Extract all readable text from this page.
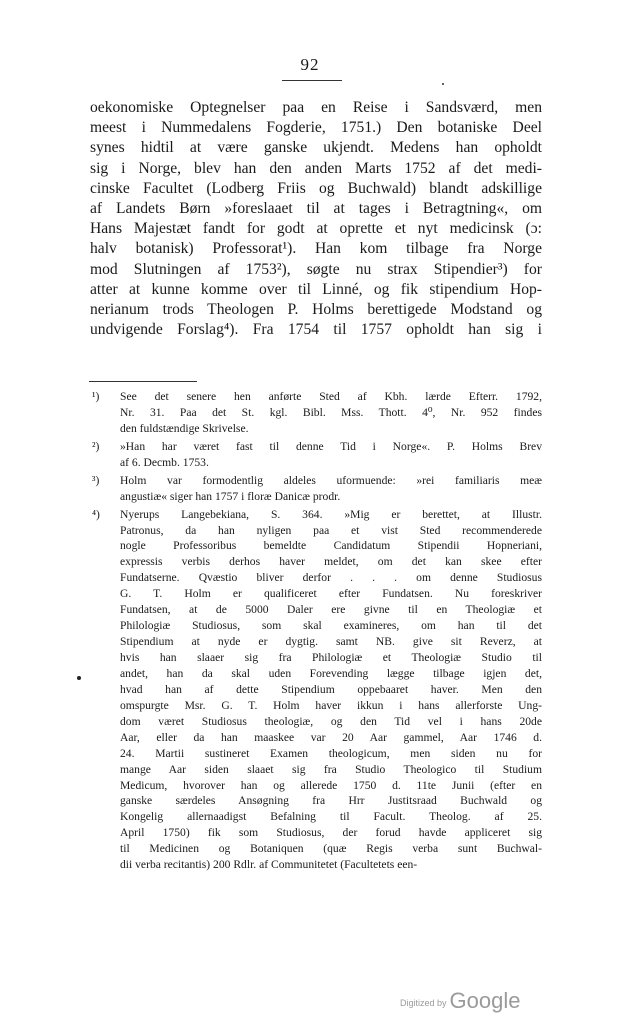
92
oekonomiske Optegnelser paa en Reise i Sandsværd, men
meest i Nummedalens Fogderie, 1751.) Den botaniske Deel
synes hidtil at være ganske ukjendt. Medens han opholdt
sig i Norge, blev han den anden Marts 1752 af det medi-
cinske Facultet (Lodberg Friis og Buchwald) blandt adskillige
af Landets Børn »foreslaaet til at tages i Betragtning«, om
Hans Majestæt fandt for godt at oprette et nyt medicinsk (ɔ:
halv botanisk) Professorat¹). Han kom tilbage fra Norge
mod Slutningen af 1753²), søgte nu strax Stipendier³) for
atter at kunne komme over til Linné, og fik stipendium Hop-
nerianum trods Theologen P. Holms berettigede Modstand og
undvigende Forslag⁴). Fra 1754 til 1757 opholdt han sig i
¹)	See det senere hen anførte Sted af Kbh. lærde Efterr. 1792,
Nr. 31. Paa det St. kgl. Bibl. Mss. Thott. 4⁰, Nr. 952 findes
den fuldstændige Skrivelse.
²)	»Han har været fast til denne Tid i Norge«. P. Holms Brev
af 6. Decmb. 1753.
³)	Holm var formodentlig aldeles uformuende: »rei familiaris meæ
angustiæ« siger han 1757 i floræ Danicæ prodr.
⁴)	Nyerups Langebekiana, S. 364. »Mig er berettet, at Illustr.
Patronus, da han nyligen paa et vist Sted recommenderede
nogle Professoribus bemeldte Candidatum Stipendii Hopneriani,
expressis verbis derhos haver meldet, om det kan skee efter
Fundatserne. Qvæstio bliver derfor . . . om denne Studiosus
G. T. Holm er qualificeret efter Fundatsen. Nu foreskriver
Fundatsen, at de 5000 Daler ere givne til en Theologiæ et
Philologiæ Studiosus, som skal examineres, om han til det
Stipendium at nyde er dygtig. samt NB. give sit Reverz, at
hvis han slaaer sig fra Philologiæ et Theologiæ Studio til
andet, han da skal uden Forevending lægge tilbage igjen det,
hvad han af dette Stipendium oppebaaret haver. Men den
omspurgte Msr. G. T. Holm haver ikkun i hans allerforste Ung-
dom været Studiosus theologiæ, og den Tid vel i hans 20de
Aar, eller da han maaskee var 20 Aar gammel, Aar 1746 d.
24. Martii sustineret Examen theologicum, men siden nu for
mange Aar siden slaaet sig fra Studio Theologico til Studium
Medicum, hvorover han og allerede 1750 d. 11te Junii (efter en
ganske særdeles Ansøgning fra Hrr Justitsraad Buchwald og
Kongelig allernaadigst Befalning til Facult. Theolog. af 25.
April 1750) fik som Studiosus, der forud havde appliceret sig
til Medicinen og Botaniquen (quæ Regis verba sunt Buchwal-
dii verba recitantis) 200 Rdlr. af Communitetet (Facultetets een-
Digitized by Google
